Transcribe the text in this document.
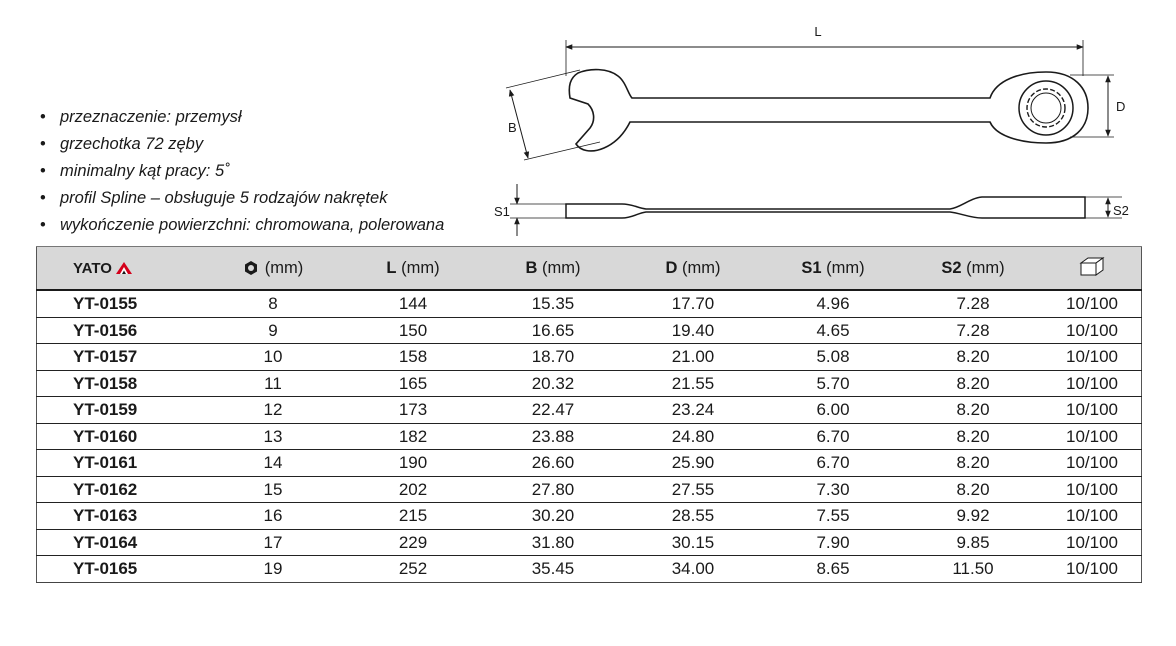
• przeznaczenie: przemysł
• grzechotka 72 zęby
• minimalny kąt pracy: 5˚
• profil Spline – obsługuje 5 rodzajów nakrętek
• wykończenie powierzchni: chromowana, polerowana
L
B
D
S1	S2
YATO	(mm)	L (mm)	B (mm)	D (mm)	S1 (mm)	S2 (mm)	
YT-0155	8	144	15.35	17.70	4.96	7.28	10/100
YT-0156	9	150	16.65	19.40	4.65	7.28	10/100
YT-0157	10	158	18.70	21.00	5.08	8.20	10/100
YT-0158	11	165	20.32	21.55	5.70	8.20	10/100
YT-0159	12	173	22.47	23.24	6.00	8.20	10/100
YT-0160	13	182	23.88	24.80	6.70	8.20	10/100
YT-0161	14	190	26.60	25.90	6.70	8.20	10/100
YT-0162	15	202	27.80	27.55	7.30	8.20	10/100
YT-0163	16	215	30.20	28.55	7.55	9.92	10/100
YT-0164	17	229	31.80	30.15	7.90	9.85	10/100
YT-0165	19	252	35.45	34.00	8.65	11.50	10/100
